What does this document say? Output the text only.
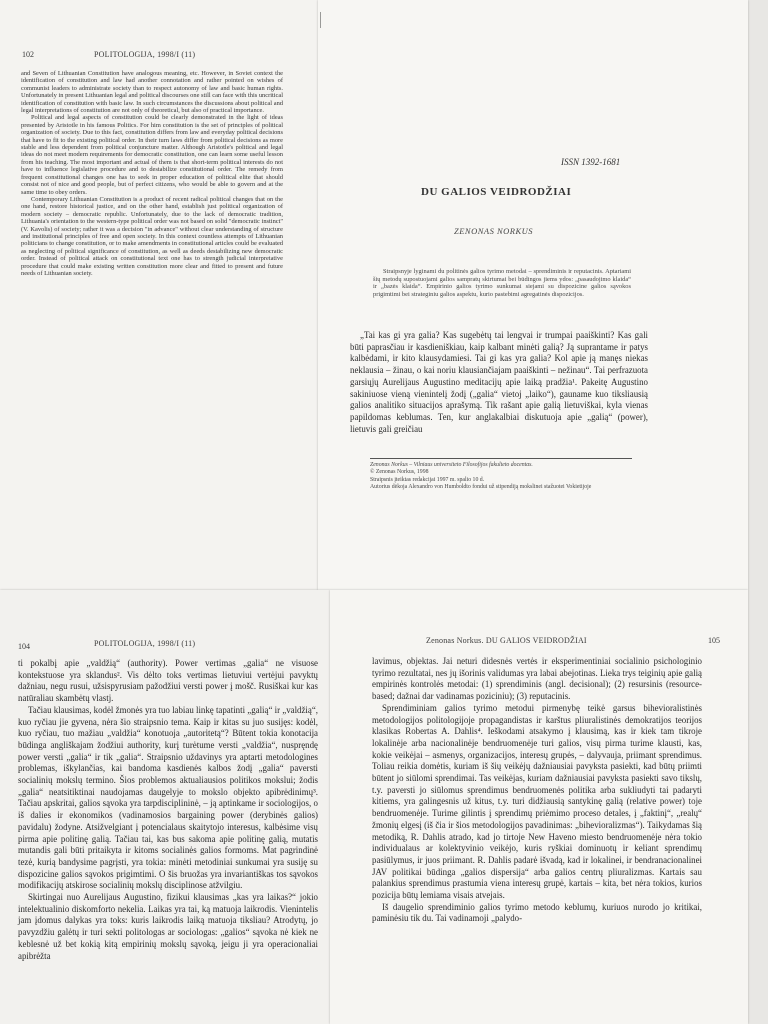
102	POLITOLOGIJA, 1998/I (11)

and Seven of Lithuanian Constitution have analogous meaning, etc. However, in Soviet context the identification of constitution and law had another connotation and rather pointed on wishes of communist leaders to administrate society than to respect autonomy of law and basic human rights. Unfortunately in present Lithuanian legal and political discourses one still can face with this uncritical identification of constitution with basic law. In such circumstances the discussions about political and legal interpretations of constitution are not only of theoretical, but also of practical importance.

Political and legal aspects of constitution could be clearly demonstrated in the light of ideas presented by Aristotle in his famous Politics. For him constitution is the set of principles of political organization of society. Due to this fact, constitution differs from law and everyday political decisions that have to fit to the existing political order. In their turn laws differ from political decisions as more stable and less dependent from political conjuncture matter. Although Aristotle's political and legal ideas do not meet modern requirements for democratic constitution, one can learn some useful lesson from his teaching. The most important and actual of them is that short-term political interests do not have to influence legislative procedure and to destabilize constitutional order. The remedy from frequent constitutional changes one has to seek in proper education of political elite that should consist not of nice and good people, but of perfect citizens, who would be able to govern and at the same time to obey orders.

Contemporary Lithuanian Constitution is a product of recent radical political changes that on the one hand, restore historical justice, and on the other hand, establish just political organization of modern society – democratic republic. Unfortunately, due to the lack of democratic tradition, Lithuania's orientation to the western-type political order was not based on solid "democratic instinct" (V. Kavolis) of society; rather it was a decision "in advance" without clear understanding of structure and institutional principles of free and open society. In this context countless attempts of Lithuanian politicians to change constitution, or to make amendments in constitutional articles could be evaluated as neglecting of political significance of constitution, as well as deeds destabilizing new democratic order. Instead of political attack on constitutional text one has to strength judicial interpretative procedure that could make existing written constitution more clear and fitted to present and future needs of Lithuanian society.

ISSN 1392-1681
DU GALIOS VEIDRODŽIAI
ZENONAS NORKUS
Straipsnyje lyginami du politinės galios tyrimo metodai – sprendiminis ir reputacinis. Aptariami šių metodų supostuojami galios sampratų skirtumai bei būdingos jiems ydos: „pasaudojimo klaida“ ir „bazės klaida“. Empirinio galios tyrimo sunkumai siejami su dispozicine galios sąvokos prigimtimi bei strateginiu galios aspektu, kurio pastebimi agregatinės dispozicijos.

„Tai kas gi yra galia? Kas sugebėtų tai lengvai ir trumpai paaiškinti? Kas gali būti paprasčiau ir kasdieniškiau, kaip kalbant minėti galią? Ją suprantame ir patys kalbėdami, ir kito klausydamiesi. Tai gi kas yra galia? Kol apie ją manęs niekas neklausia – žinau, o kai noriu klausiančiajam paaiškinti – nežinau“. Tai perfrazuota garsiųjų Aurelijaus Augustino meditacijų apie laiką pradžia¹. Pakeitę Augustino sakiniuose vieną vienintelį žodį („galia“ vietoj „laiko“), gauname kuo tiksliausią galios analitiko situacijos aprašymą. Tik rašant apie galią lietuviškai, kyla vienas papildomas keblumas. Ten, kur anglakalbiai diskutuoja apie „galią“ (power), lietuvis gali greičiau

Zenonas Norkus – Vilniaus universiteto Filosofijos fakulteto docentas.
© Zenonas Norkus, 1998
Straipsnis įteiktas redakcijai 1997 m. spalio 10 d.
Autorius dėkoja Alexandro von Humboldto fondui už stipendiją mokslinei stažuotei Vokietijoje
104	POLITOLOGIJA, 1998/I (11)

ti pokalbį apie „valdžią“ (authority). Power vertimas „galia“ ne visuose kontekstuose yra sklandus². Vis dėlto toks vertimas lietuviui vertėjui pavyktų dažniau, negu rusui, užsispyrusiam pažodžiui versti power į mošč. Rusiškai kur kas natūraliau skambėtų vlastj.

Tačiau klausimas, kodėl žmonės yra tuo labiau linkę tapatinti „galią“ ir „valdžią“, kuo ryčiau jie gyvena, nėra šio straipsnio tema. Kaip ir kitas su juo susijęs: kodėl, kuo ryčiau, tuo mažiau „valdžia“ konotuoja „autoritetą“? Būtent tokia konotacija būdinga angliškajam žodžiui authority, kurį turėtume versti „valdžia“, nuspręndę power versti „galia“ ir tik „galia“. Straipsnio uždavinys yra aptarti metodologines problemas, iškylančias, kai bandoma kasdienės kalbos žodį „galia“ paversti socialinių mokslų termino. Šios problemos aktualiausios politikos mokslui; žodis „galia“ neatsitiktinai naudojamas daugelyje to mokslo objekto apibrėdinimų³. Tačiau apskritai, galios sąvoka yra tarpdisciplininė, – ją aptinkame ir sociologijos, o iš dalies ir ekonomikos (vadinamosios bargaining power (derybinės galios) pavidalu) žodyne. Atsižvelgiant į potencialaus skaitytojo interesus, kalbėsime visų pirma apie politinę galią. Tačiau tai, kas bus sakoma apie politinę galią, mutatis mutandis gali būti pritaikyta ir kitoms socialinės galios formoms. Mat pagrindinė tezė, kurią bandysime pagrįsti, yra tokia: minėti metodiniai sunkumai yra susiję su dispozicine galios sąvokos prigimtimi. O šis bruožas yra invariantiškas tos sąvokos modifikacijų atskirose socialinių mokslų disciplinose atžvilgiu.

Skirtingai nuo Aurelijaus Augustino, fizikui klausimas „kas yra laikas?“ jokio intelektualinio diskomforto nekelia. Laikas yra tai, ką matuoja laikrodis. Vienintelis jam įdomus dalykas yra toks: kuris laikrodis laiką matuoja tiksliau? Atrodytų, jo pavyzdžiu galėtų ir turi sekti politologas ar sociologas: „galios“ sąvoka nė kiek ne keblesnė už bet kokią kitą empirinių mokslų sąvoką, jeigu ji yra operacionaliai apibrėžta

Zenonas Norkus. DU GALIOS VEIDRODŽIAI	105

lavimus, objektas. Jai neturi didesnės vertės ir eksperimentiniai socialinio psichologinio tyrimo rezultatai, nes jų išorinis validumas yra labai abejotinas. Lieka trys teiginių apie galią empirinės kontrolės metodai: (1) sprendiminis (angl. decisional); (2) resursinis (resource-based; dažnai dar vadinamas poziciniu); (3) reputacinis.

Sprendiminiam galios tyrimo metodui pirmenybę teikė garsus bihevioralistinės metodologijos politologijoje propagandistas ir karštus pliuralistinės demokratijos teorijos klasikas Robertas A. Dahlis⁴. Ieškodami atsakymo į klausimą, kas ir kiek tam tikroje lokalinėje arba nacionalinėje bendruomenėje turi galios, visų pirma turime klausti, kas, kokie veikėjai – asmenys, organizacijos, interesų grupės, – dalyvauja, priimant sprendimus. Toliau reikia domėtis, kuriam iš šių veikėjų dažniausiai pavyksta pasiekti, kad būtų priimti būtent jo siūlomi sprendimai. Tas veikėjas, kuriam dažniausiai pavyksta pasiekti savo tikslų, t.y. paversti jo siūlomus sprendimus bendruomenės politika arba sukliudyti tai padaryti kitiems, yra galingesnis už kitus, t.y. turi didžiausią santykinę galią (relative power) toje bendruomenėje. Turime gilintis į sprendimų priėmimo proceso detales, į „faktinį“, „realų“ žmonių elgesį (iš čia ir šios metodologijos pavadinimas: „bihevioralizmas“). Taikydamas šią metodiką, R. Dahlis atrado, kad jo tirtoje New Haveno miesto bendruomenėje nėra tokio individualaus ar kolektyvinio veikėjo, kuris ryškiai dominuotų ir keliant sprendimų pasiūlymus, ir juos priimant. R. Dahlis padarė išvadą, kad ir lokalinei, ir bendranacionalinei JAV politikai būdinga „galios dispersija“ arba galios centrų pliuralizmas. Kartais sau palankius sprendimus prastumia viena interesų grupė, kartais – kita, bet nėra tokios, kurios pozicija būtų lemiama visais atvejais.

Iš daugelio sprendiminio galios tyrimo metodo keblumų, kuriuos nurodo jo kritikai, paminėsiu tik du. Tai vadinamoji „palydo-
